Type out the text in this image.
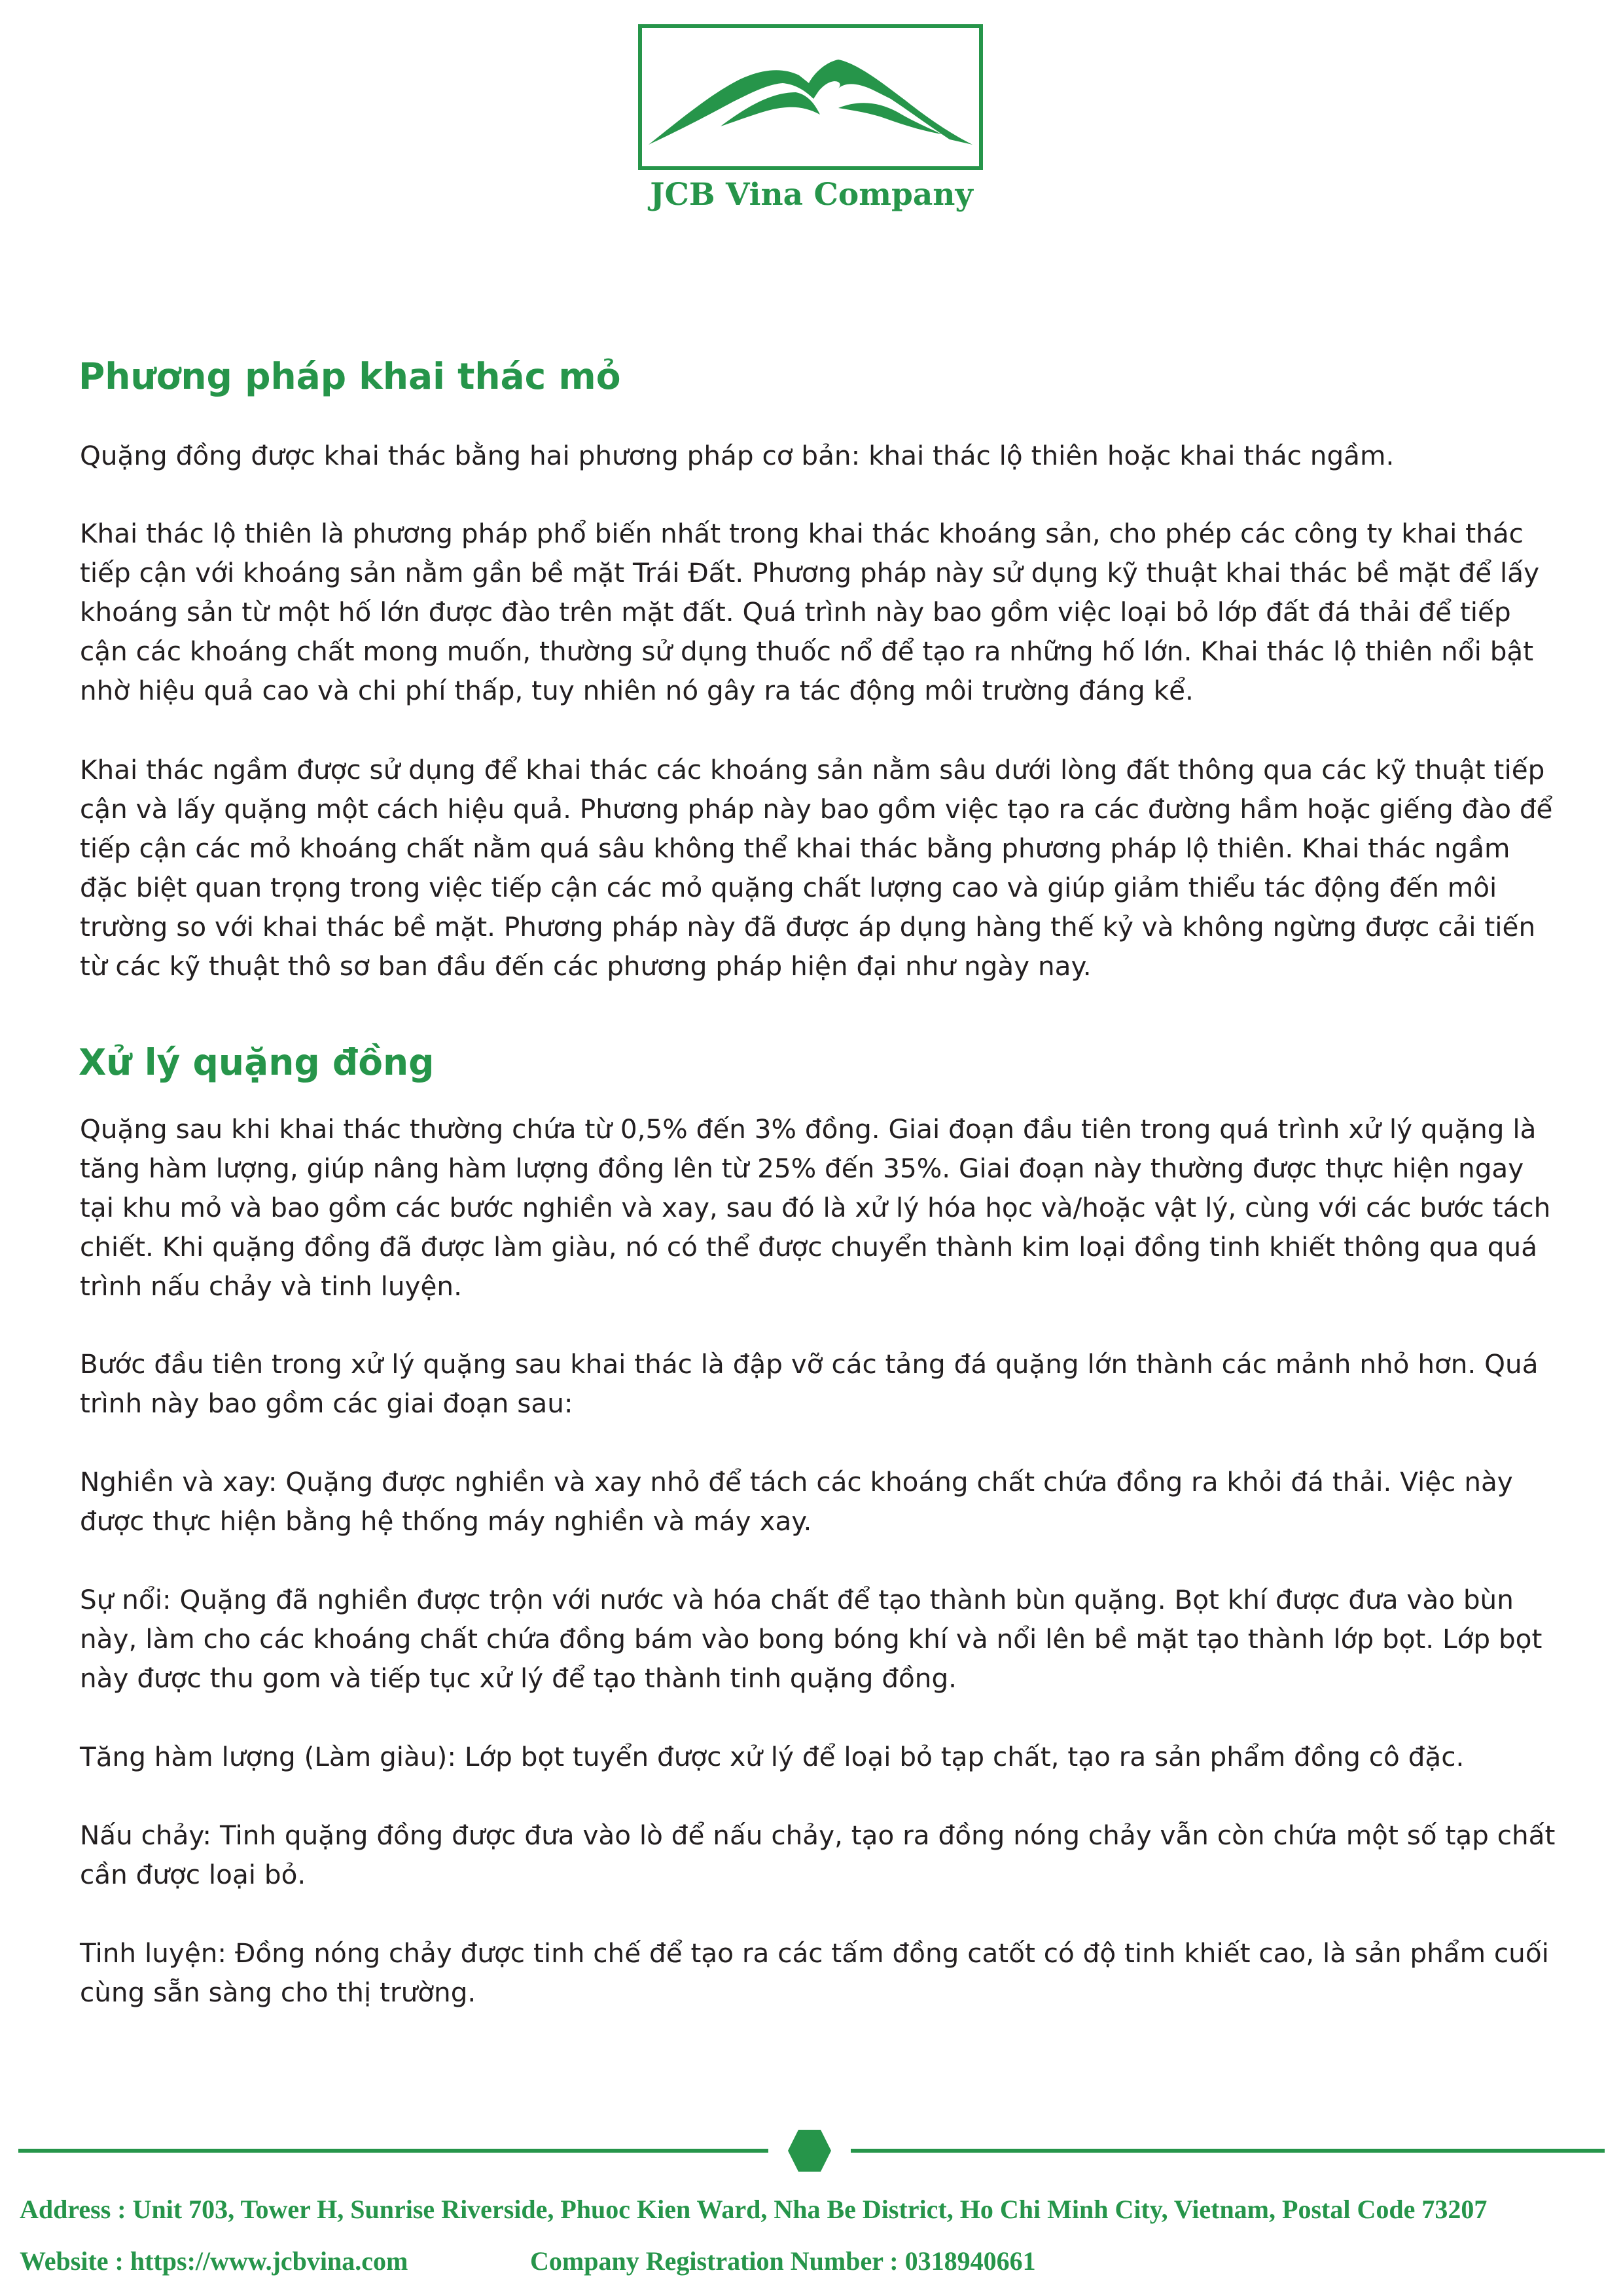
JCB Vina Company
Phương pháp khai thác mỏ

Quặng đồng được khai thác bằng hai phương pháp cơ bản: khai thác lộ thiên hoặc khai thác ngầm.

Khai thác lộ thiên là phương pháp phổ biến nhất trong khai thác khoáng sản, cho phép các công ty khai thác tiếp cận với khoáng sản nằm gần bề mặt Trái Đất. Phương pháp này sử dụng kỹ thuật khai thác bề mặt để lấy khoáng sản từ một hố lớn được đào trên mặt đất. Quá trình này bao gồm việc loại bỏ lớp đất đá thải để tiếp cận các khoáng chất mong muốn, thường sử dụng thuốc nổ để tạo ra những hố lớn. Khai thác lộ thiên nổi bật nhờ hiệu quả cao và chi phí thấp, tuy nhiên nó gây ra tác động môi trường đáng kể.

Khai thác ngầm được sử dụng để khai thác các khoáng sản nằm sâu dưới lòng đất thông qua các kỹ thuật tiếp cận và lấy quặng một cách hiệu quả. Phương pháp này bao gồm việc tạo ra các đường hầm hoặc giếng đào để tiếp cận các mỏ khoáng chất nằm quá sâu không thể khai thác bằng phương pháp lộ thiên. Khai thác ngầm đặc biệt quan trọng trong việc tiếp cận các mỏ quặng chất lượng cao và giúp giảm thiểu tác động đến môi trường so với khai thác bề mặt. Phương pháp này đã được áp dụng hàng thế kỷ và không ngừng được cải tiến từ các kỹ thuật thô sơ ban đầu đến các phương pháp hiện đại như ngày nay.

Xử lý quặng đồng

Quặng sau khi khai thác thường chứa từ 0,5% đến 3% đồng. Giai đoạn đầu tiên trong quá trình xử lý quặng là tăng hàm lượng, giúp nâng hàm lượng đồng lên từ 25% đến 35%. Giai đoạn này thường được thực hiện ngay tại khu mỏ và bao gồm các bước nghiền và xay, sau đó là xử lý hóa học và/hoặc vật lý, cùng với các bước tách chiết. Khi quặng đồng đã được làm giàu, nó có thể được chuyển thành kim loại đồng tinh khiết thông qua quá trình nấu chảy và tinh luyện.

Bước đầu tiên trong xử lý quặng sau khai thác là đập vỡ các tảng đá quặng lớn thành các mảnh nhỏ hơn. Quá trình này bao gồm các giai đoạn sau:

Nghiền và xay: Quặng được nghiền và xay nhỏ để tách các khoáng chất chứa đồng ra khỏi đá thải. Việc này được thực hiện bằng hệ thống máy nghiền và máy xay.

Sự nổi: Quặng đã nghiền được trộn với nước và hóa chất để tạo thành bùn quặng. Bọt khí được đưa vào bùn này, làm cho các khoáng chất chứa đồng bám vào bong bóng khí và nổi lên bề mặt tạo thành lớp bọt. Lớp bọt này được thu gom và tiếp tục xử lý để tạo thành tinh quặng đồng.

Tăng hàm lượng (Làm giàu): Lớp bọt tuyển được xử lý để loại bỏ tạp chất, tạo ra sản phẩm đồng cô đặc.

Nấu chảy: Tinh quặng đồng được đưa vào lò để nấu chảy, tạo ra đồng nóng chảy vẫn còn chứa một số tạp chất cần được loại bỏ.

Tinh luyện: Đồng nóng chảy được tinh chế để tạo ra các tấm đồng catốt có độ tinh khiết cao, là sản phẩm cuối cùng sẵn sàng cho thị trường.

Address : Unit 703, Tower H, Sunrise Riverside, Phuoc Kien Ward, Nha Be District, Ho Chi Minh City, Vietnam, Postal Code 73207
Website : https://www.jcbvina.com	Company Registration Number : 0318940661
